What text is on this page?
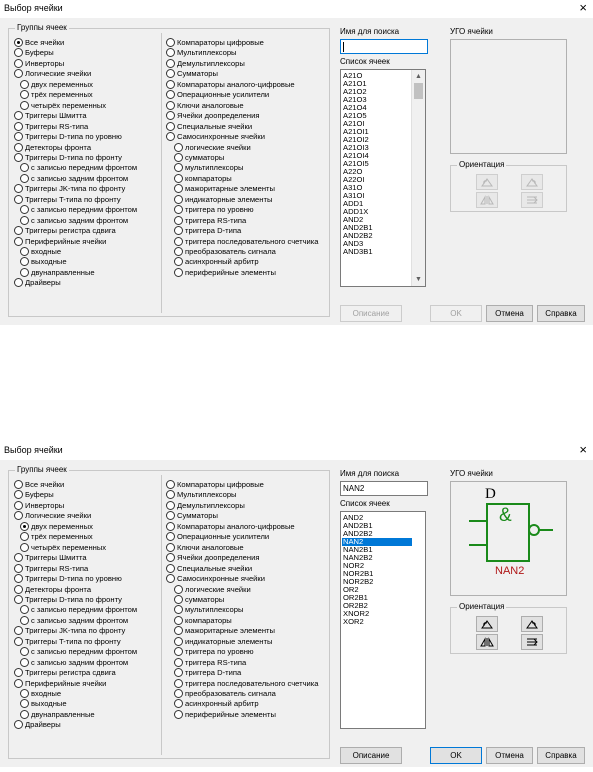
Выбор ячейки	×
Группы ячеек
Все ячейки
Буферы
Инверторы
Логические ячейки
двух переменных
трёх переменных
четырёх переменных
Триггеры Шмитта
Триггеры RS-типа
Триггеры D-типа по уровню
Детекторы фронта
Триггеры D-типа по фронту
с записью передним фронтом
с записью задним фронтом
Триггеры JK-типа по фронту
Триггеры T-типа по фронту
с записью передним фронтом
с записью задним фронтом
Триггеры регистра сдвига
Периферийные ячейки
входные
выходные
двунаправленные
Драйверы
Компараторы цифровые
Мультиплексоры
Демультиплексоры
Сумматоры
Компараторы аналого-цифровые
Операционные усилители
Ключи аналоговые
Ячейки доопределения
Специальные ячейки
Самосинхронные ячейки
логические ячейки
сумматоры
мультиплексоры
компараторы
мажоритарные элементы
индикаторные элементы
триггера по уровню
триггера RS-типа
триггера D-типа
триггера последовательного счетчика
преобразователь сигнала
асинхронный арбитр
периферийные элементы
Имя для поиска
Список ячеек
A21O
A21O1
A21O2
A21O3
A21O4
A21O5
A21OI
A21OI1
A21OI2
A21OI3
A21OI4
A21OI5
A22O
A22OI
A31O
A31OI
ADD1
ADD1X
AND2
AND2B1
AND2B2
AND3
AND3B1
▲
▼
УГО ячейки
Ориентация
Описание	OK	Отмена	Справка
Выбор ячейки	×
Группы ячеек
Все ячейки
Буферы
Инверторы
Логические ячейки
двух переменных
трёх переменных
четырёх переменных
Триггеры Шмитта
Триггеры RS-типа
Триггеры D-типа по уровню
Детекторы фронта
Триггеры D-типа по фронту
с записью передним фронтом
с записью задним фронтом
Триггеры JK-типа по фронту
Триггеры T-типа по фронту
с записью передним фронтом
с записью задним фронтом
Триггеры регистра сдвига
Периферийные ячейки
входные
выходные
двунаправленные
Драйверы
Компараторы цифровые
Мультиплексоры
Демультиплексоры
Сумматоры
Компараторы аналого-цифровые
Операционные усилители
Ключи аналоговые
Ячейки доопределения
Специальные ячейки
Самосинхронные ячейки
логические ячейки
сумматоры
мультиплексоры
компараторы
мажоритарные элементы
индикаторные элементы
триггера по уровню
триггера RS-типа
триггера D-типа
триггера последовательного счетчика
преобразователь сигнала
асинхронный арбитр
периферийные элементы
Имя для поиска
NAN2
Список ячеек
AND2
AND2B1
AND2B2
NAN2
NAN2B1
NAN2B2
NOR2
NOR2B1
NOR2B2
OR2
OR2B1
OR2B2
XNOR2
XOR2
УГО ячейки
D
&
NAN2
Ориентация
Описание	OK	Отмена	Справка
